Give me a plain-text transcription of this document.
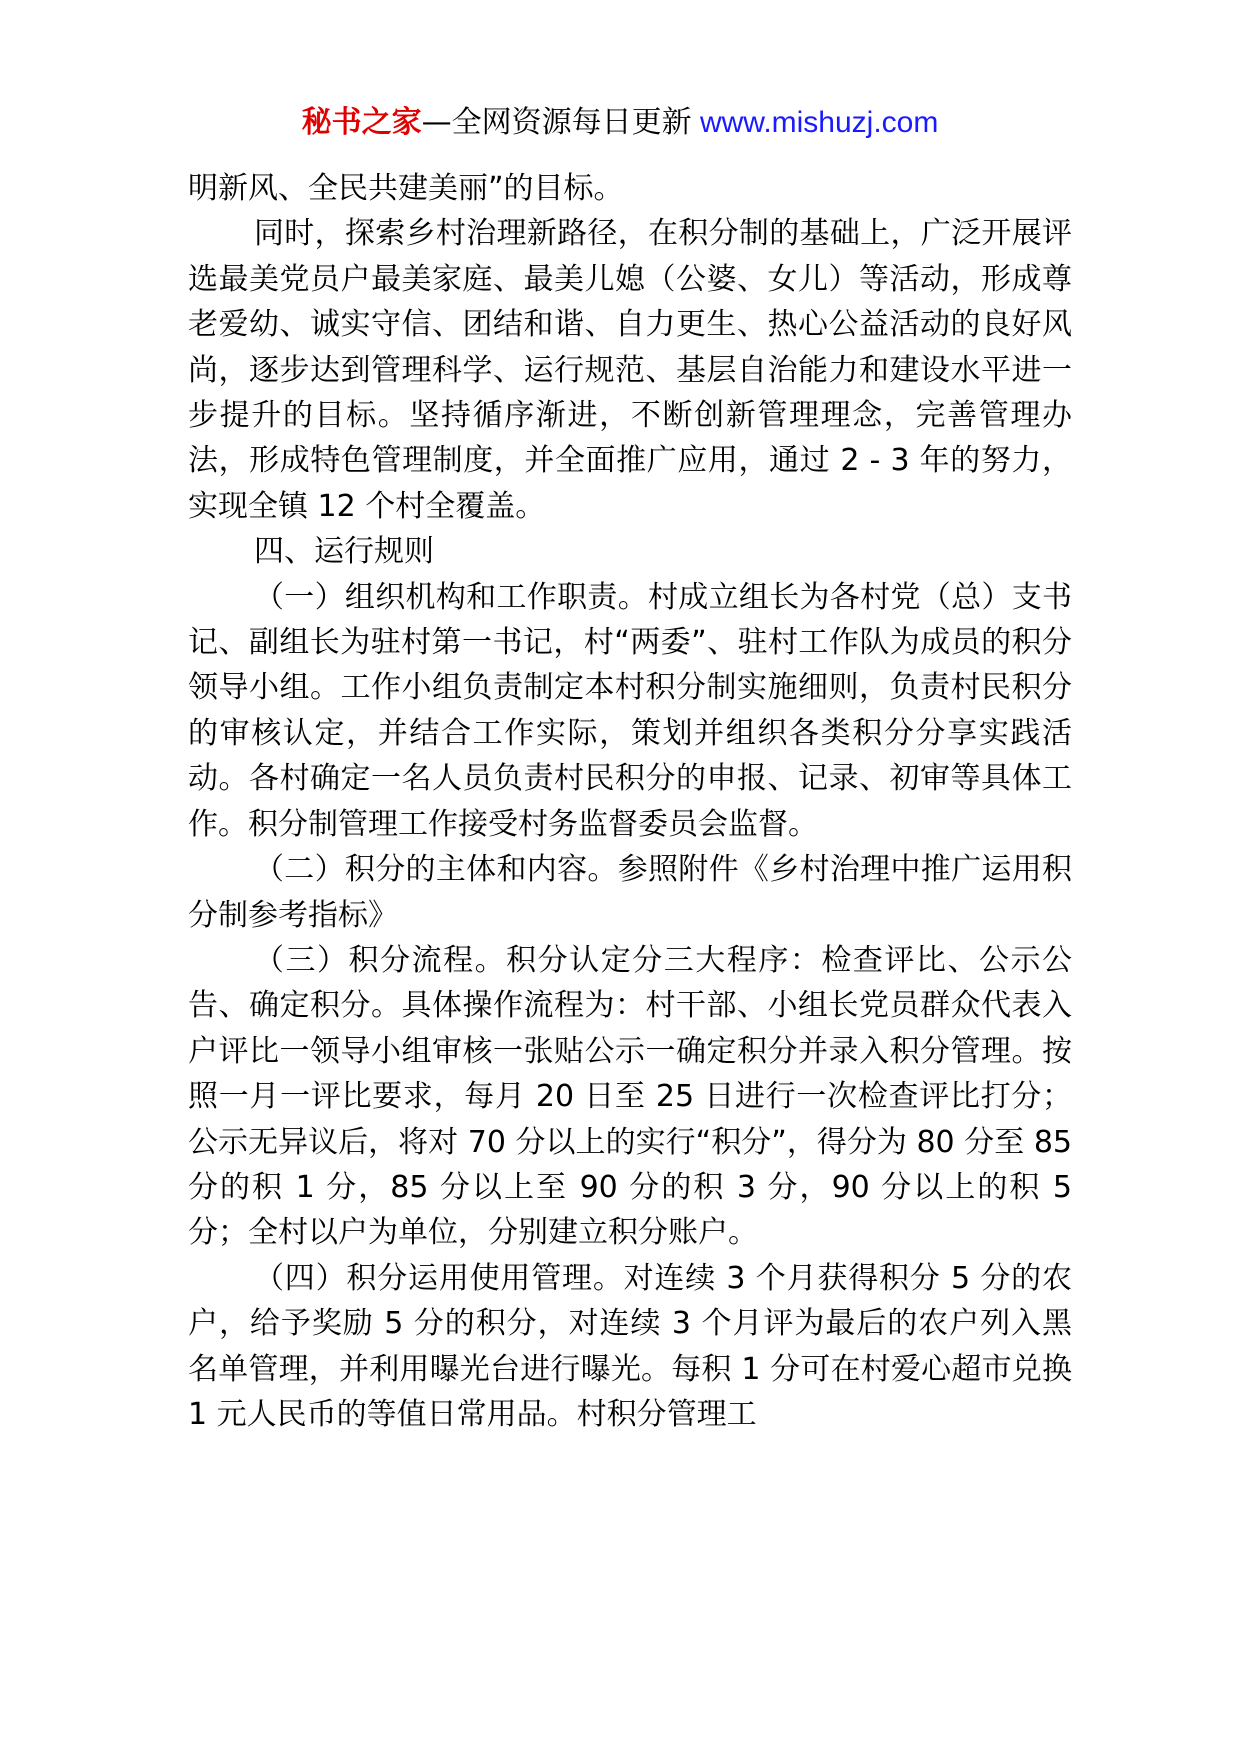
秘书之家—全网资源每日更新 www.mishuzj.com

明新风、全民共建美丽”的目标。

同时，探索乡村治理新路径，在积分制的基础上，广泛开展评选最美党员户最美家庭、最美儿媳（公婆、女儿）等活动，形成尊老爱幼、诚实守信、团结和谐、自力更生、热心公益活动的良好风尚，逐步达到管理科学、运行规范、基层自治能力和建设水平进一步提升的目标。坚持循序渐进，不断创新管理理念，完善管理办法，形成特色管理制度，并全面推广应用，通过 2 - 3 年的努力，实现全镇 12 个村全覆盖。

四、运行规则

（一）组织机构和工作职责。村成立组长为各村党（总）支书记、副组长为驻村第一书记，村“两委”、驻村工作队为成员的积分领导小组。工作小组负责制定本村积分制实施细则，负责村民积分的审核认定，并结合工作实际，策划并组织各类积分分享实践活动。各村确定一名人员负责村民积分的申报、记录、初审等具体工作。积分制管理工作接受村务监督委员会监督。

（二）积分的主体和内容。参照附件《乡村治理中推广运用积分制参考指标》

（三）积分流程。积分认定分三大程序：检查评比、公示公告、确定积分。具体操作流程为：村干部、小组长党员群众代表入户评比一领导小组审核一张贴公示一确定积分并录入积分管理。按照一月一评比要求，每月 20 日至 25 日进行一次检查评比打分；公示无异议后，将对 70 分以上的实行“积分”，得分为 80 分至 85 分的积 1 分，85 分以上至 90 分的积 3 分，90 分以上的积 5 分；全村以户为单位，分别建立积分账户。

（四）积分运用使用管理。对连续 3 个月获得积分 5 分的农户，给予奖励 5 分的积分，对连续 3 个月评为最后的农户列入黑名单管理，并利用曝光台进行曝光。每积 1 分可在村爱心超市兑换 1 元人民币的等值日常用品。村积分管理工
